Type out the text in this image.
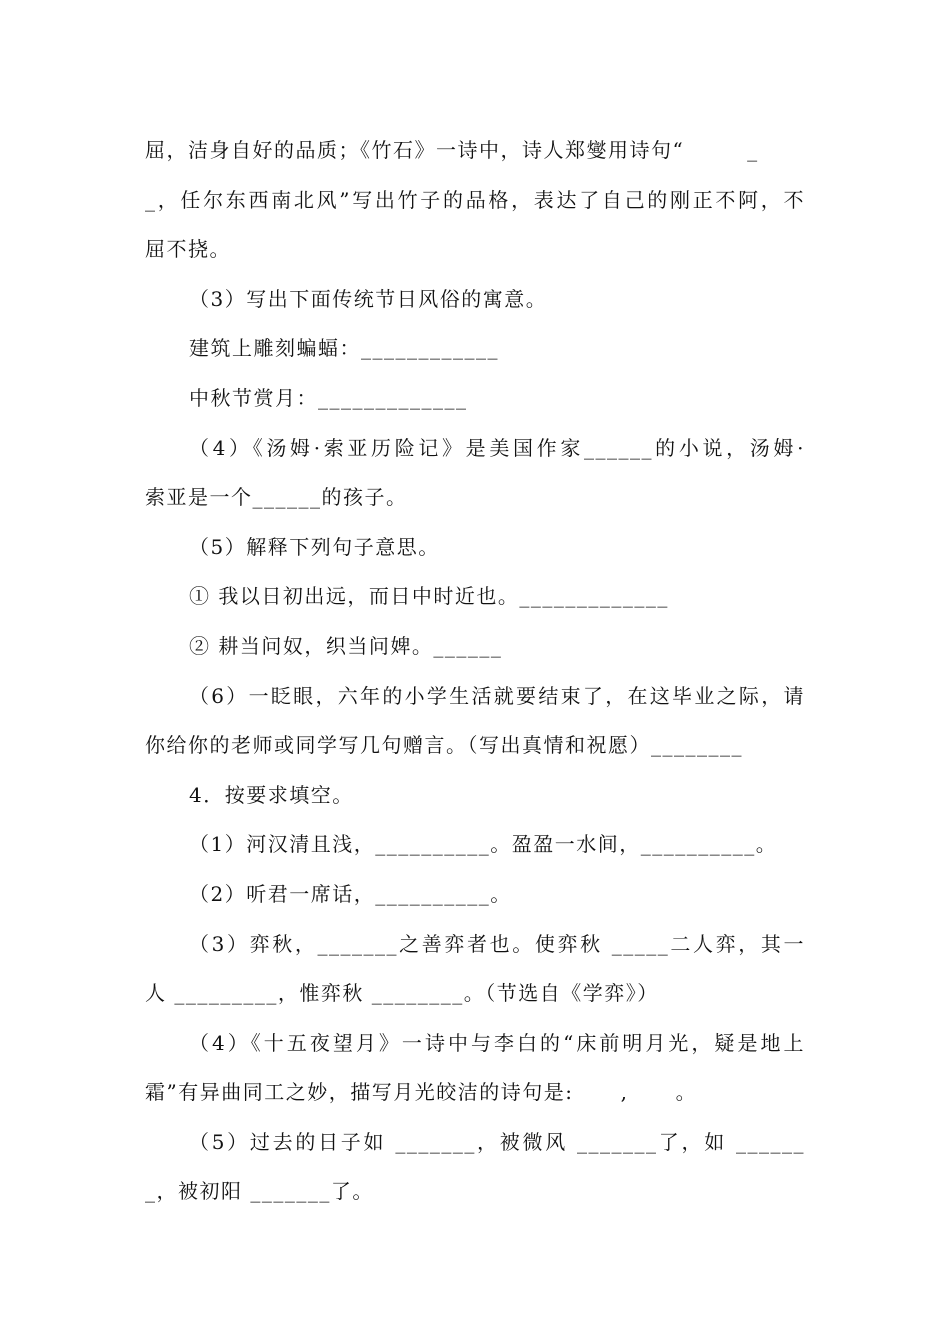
屈，洁身自好的品质；《竹石》一诗中，诗人郑燮用诗句“        _

_，任尔东西南北风”写出竹子的品格，表达了自己的刚正不阿，不

屈不挠。

（3）写出下面传统节日风俗的寓意。

建筑上雕刻蝙蝠：____________

中秋节赏月：_____________

（4）《汤姆·索亚历险记》是美国作家______的小说，汤姆·

索亚是一个______的孩子。

（5）解释下列句子意思。

① 我以日初出远，而日中时近也。_____________

② 耕当问奴，织当问婢。______

（6）一眨眼，六年的小学生活就要结束了，在这毕业之际，请

你给你的老师或同学写几句赠言。（写出真情和祝愿）________

4．按要求填空。

（1）河汉清且浅，__________。盈盈一水间，__________。

（2）听君一席话，__________。

（3）弈秋，_______之善弈者也。使弈秋 _____二人弈，其一

人 _________，惟弈秋 ________。（节选自《学弈》）

（4）《十五夜望月》一诗中与李白的“床前明月光，疑是地上

霜”有异曲同工之妙，描写月光皎洁的诗句是:      ,      。

（5）过去的日子如 _______，被微风 _______了，如 ______

_，被初阳 _______了。
